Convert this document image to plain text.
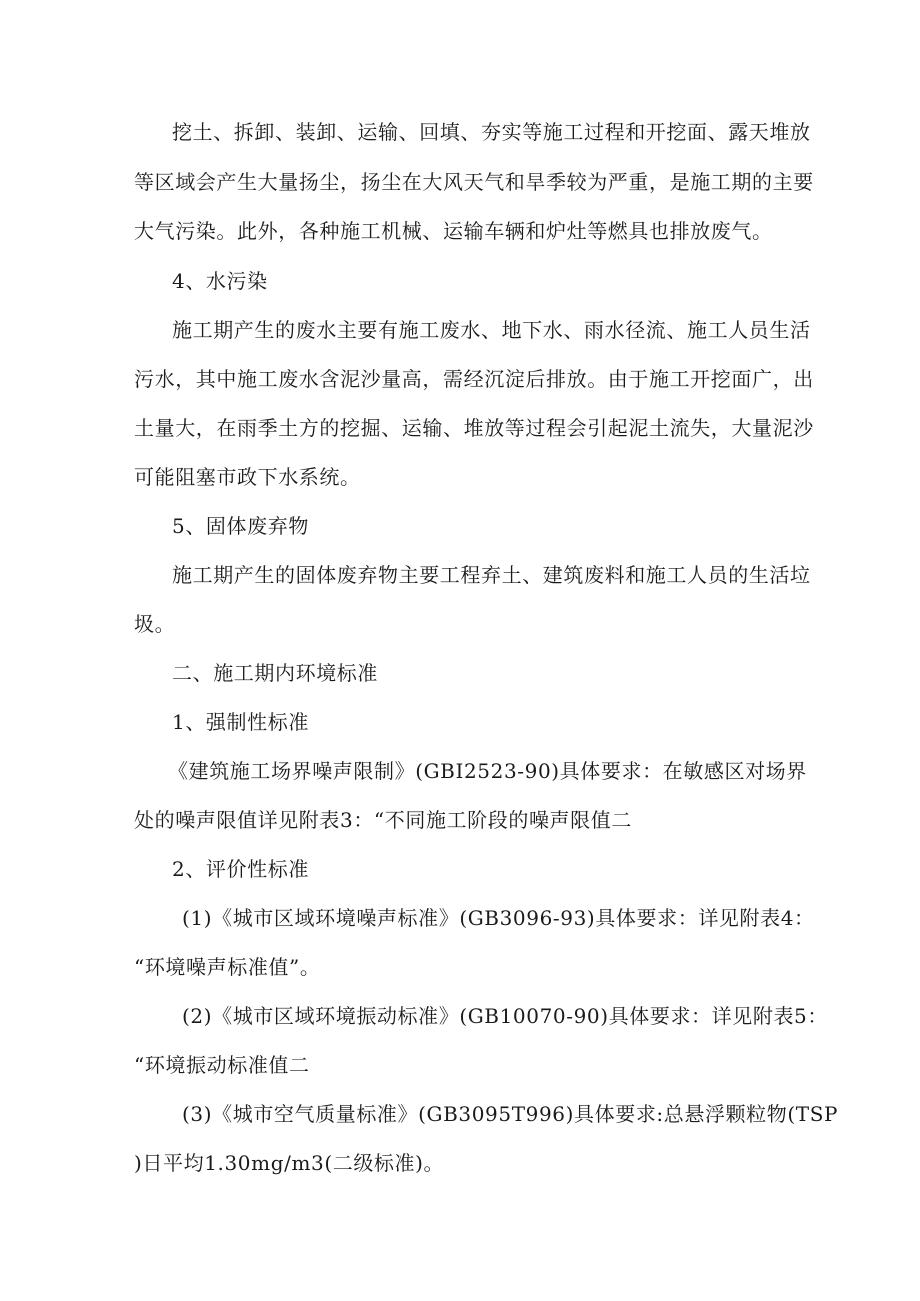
挖土、拆卸、装卸、运输、回填、夯实等施工过程和开挖面、露天堆放
等区域会产生大量扬尘，扬尘在大风天气和旱季较为严重，是施工期的主要
大气污染。此外，各种施工机械、运输车辆和炉灶等燃具也排放废气。
4、水污染
施工期产生的废水主要有施工废水、地下水、雨水径流、施工人员生活
污水，其中施工废水含泥沙量高，需经沉淀后排放。由于施工开挖面广，出
土量大，在雨季土方的挖掘、运输、堆放等过程会引起泥土流失，大量泥沙
可能阻塞市政下水系统。
5、固体废弃物
施工期产生的固体废弃物主要工程弃土、建筑废料和施工人员的生活垃
圾。
二、施工期内环境标准
1、强制性标准
《建筑施工场界噪声限制》(GBI2523-90)具体要求：在敏感区对场界
处的噪声限值详见附表3：“不同施工阶段的噪声限值二
2、评价性标准
(1)《城市区域环境噪声标准》(GB3096-93)具体要求：详见附表4：
“环境噪声标准值”。
(2)《城市区域环境振动标准》(GB10070-90)具体要求：详见附表5：
“环境振动标准值二
(3)《城市空气质量标准》(GB3095T996)具体要求:总悬浮颗粒物(TSP
)日平均1.30mg/m3(二级标准)。
